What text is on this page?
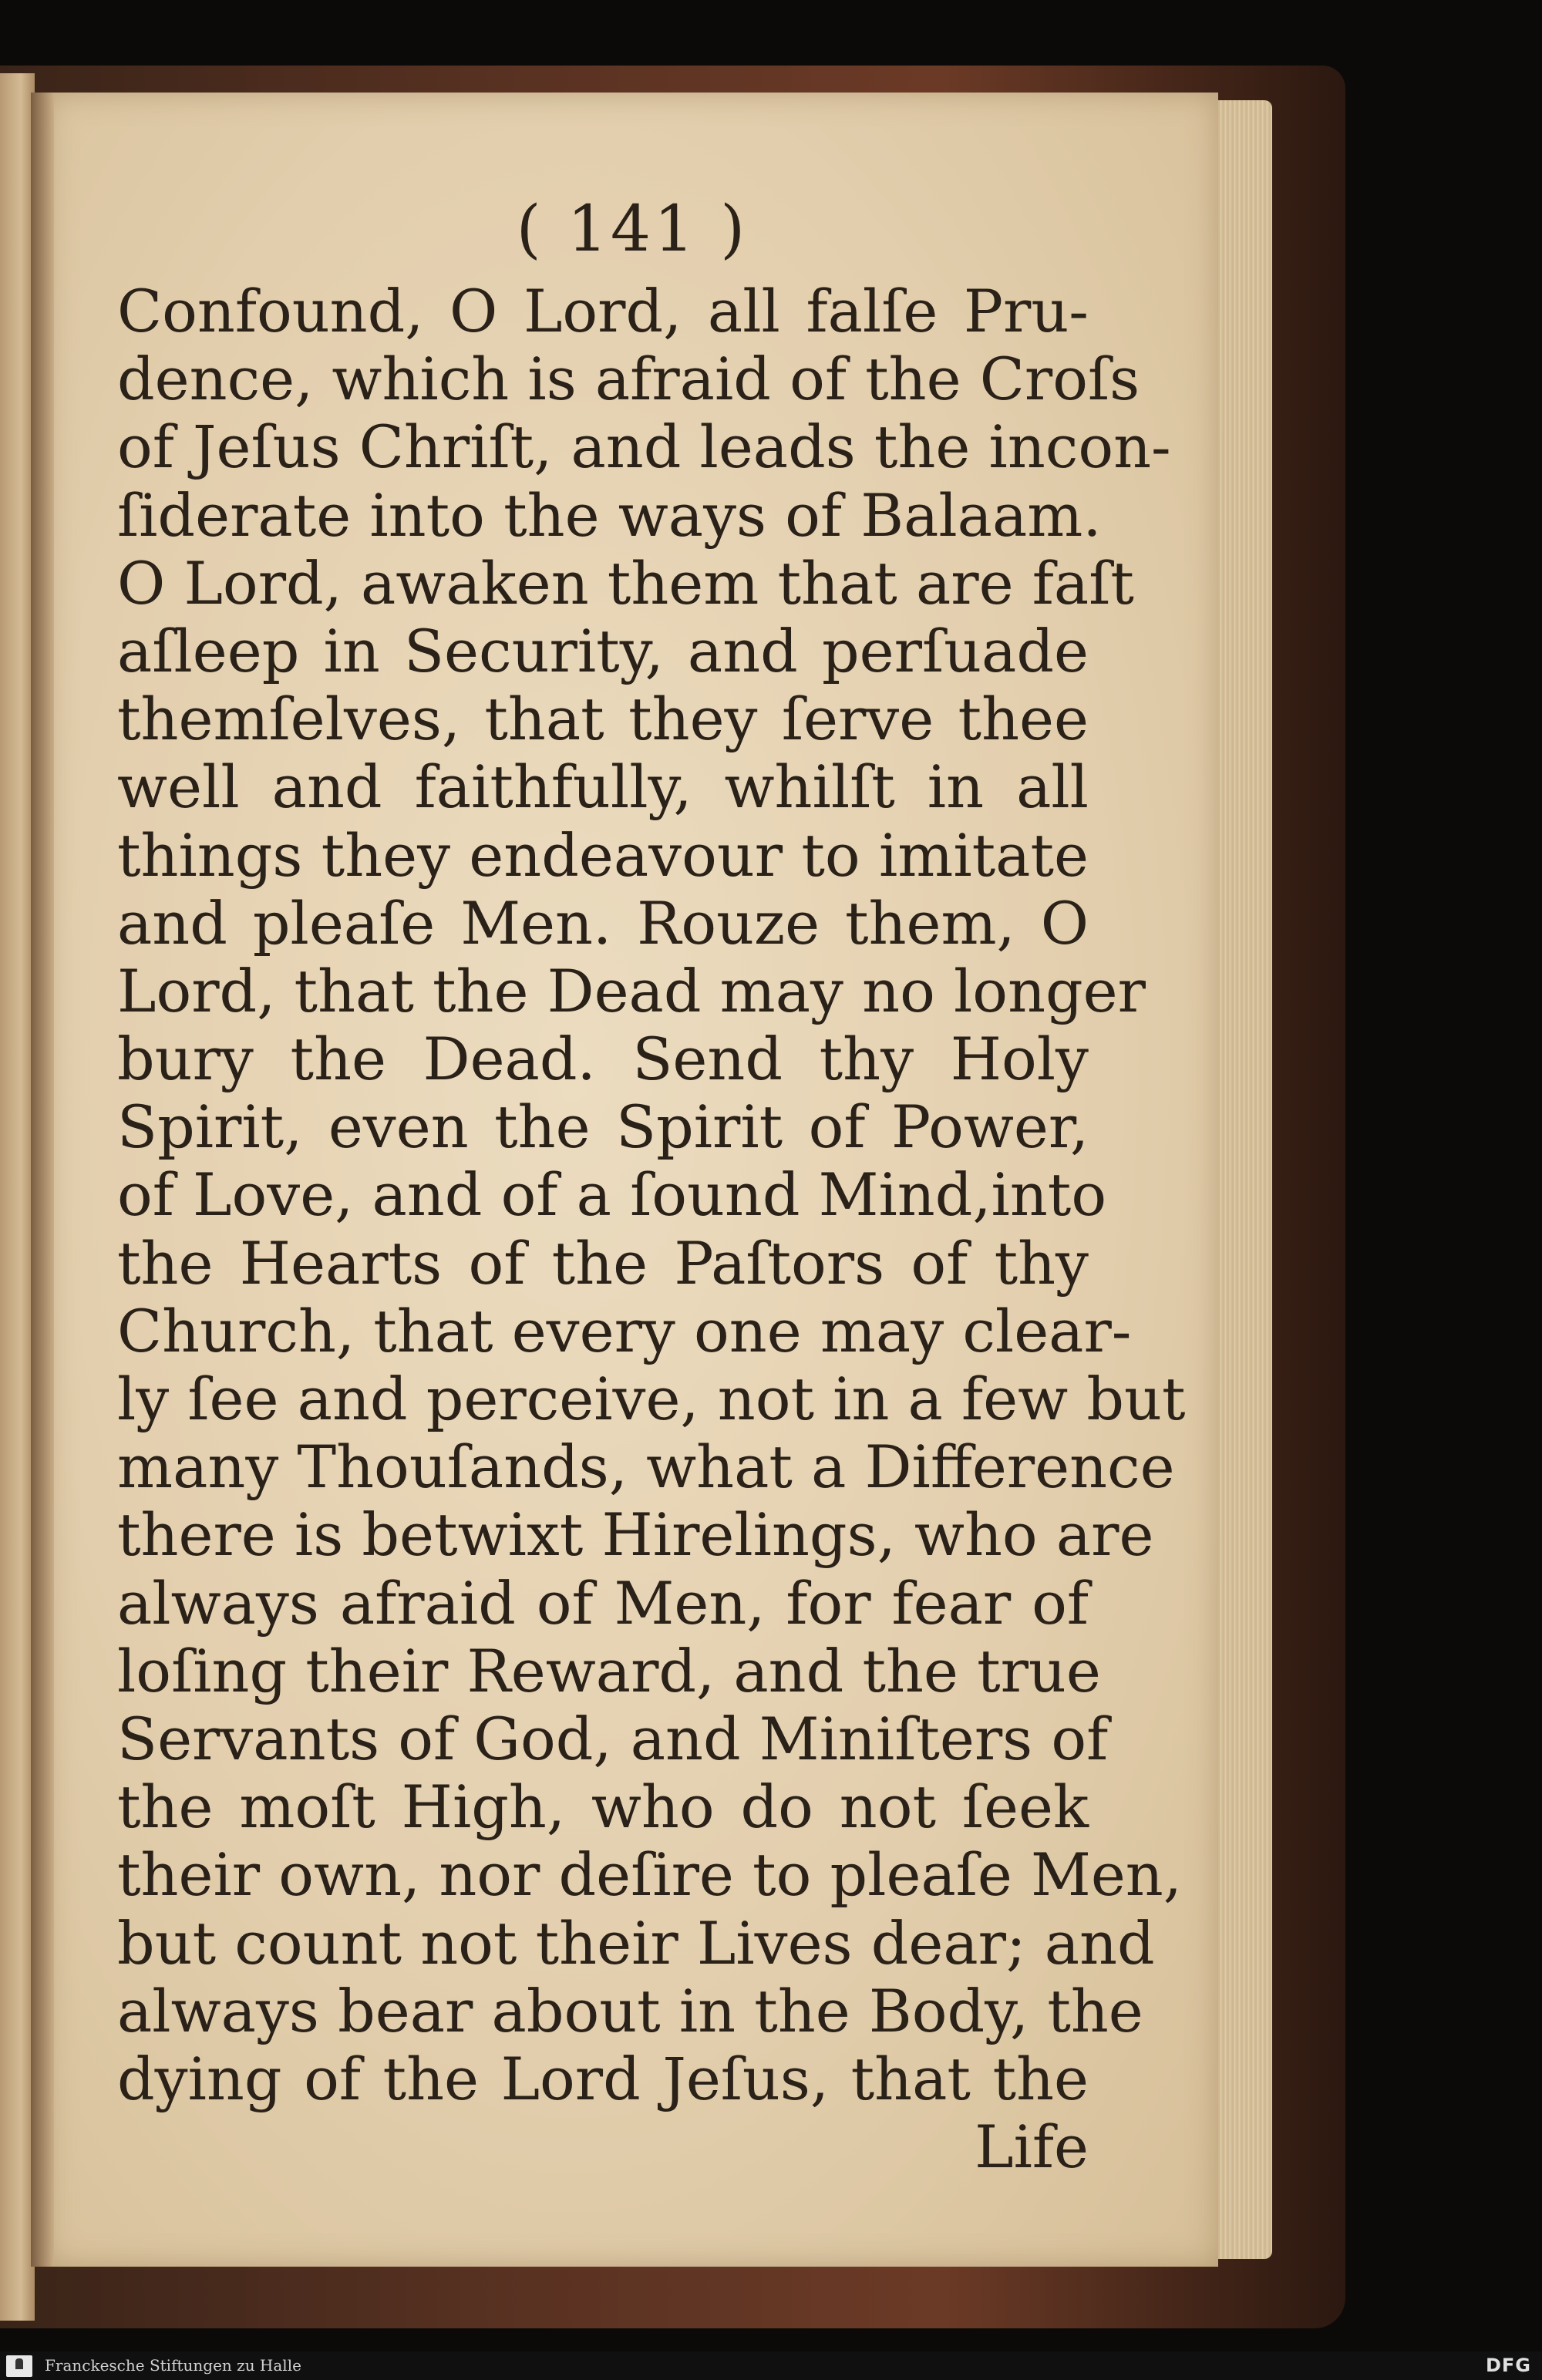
( 141 )
Confound, O Lord, all falſe Pru-
dence, which is afraid of the Croſs
of Jeſus Chriſt, and leads the incon-
ſiderate into the ways of Balaam.
O Lord, awaken them that are faſt
aſleep in Security, and perſuade
themſelves, that they ſerve thee
well and faithfully, whilſt in all
things they endeavour to imitate
and pleaſe Men. Rouze them, O
Lord, that the Dead may no longer
bury the Dead. Send thy Holy
Spirit, even the Spirit of Power,
of Love, and of a ſound Mind,into
the Hearts of the Paſtors of thy
Church, that every one may clear-
ly ſee and perceive, not in a few but
many Thouſands, what a Difference
there is betwixt Hirelings, who are
always afraid of Men, for fear of
loſing their Reward, and the true
Servants of God, and Miniſters of
the moſt High, who do not ſeek
their own, nor deſire to pleaſe Men,
but count not their Lives dear; and
always bear about in the Body, the
dying of the Lord Jeſus, that the
Life
Franckesche Stiftungen zu Halle	DFG
